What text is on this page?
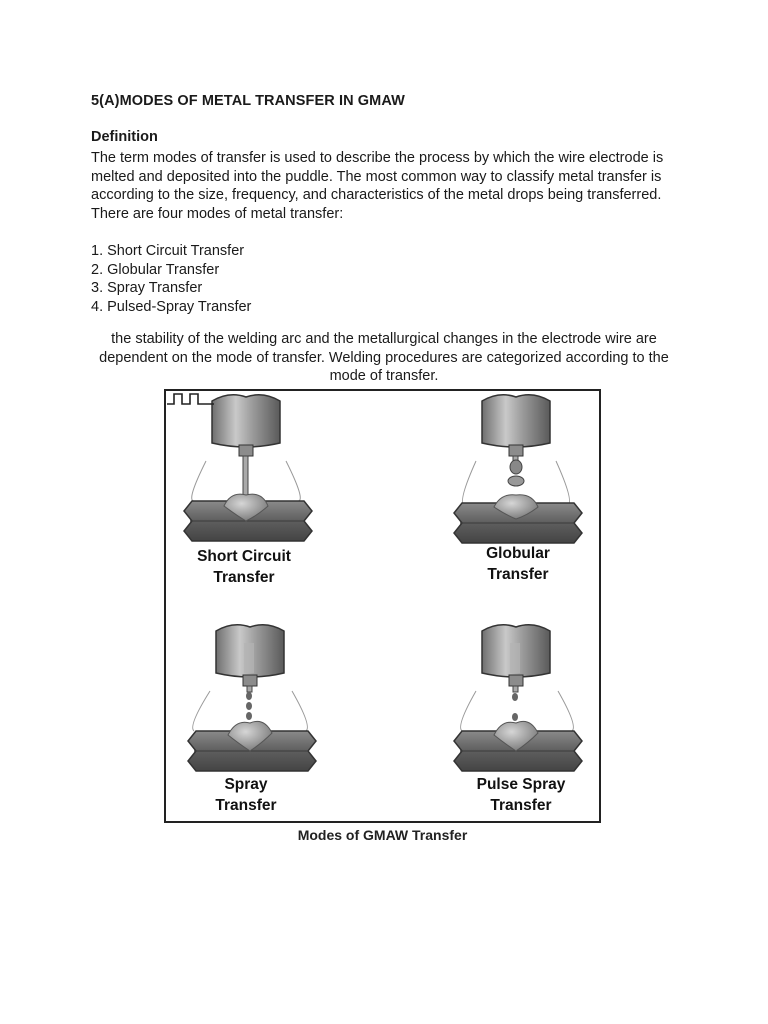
5(A)MODES OF METAL TRANSFER IN GMAW
Definition
The term modes of transfer is used to describe the process by which the wire electrode is melted and deposited into the puddle. The most common way to classify metal transfer is according to the size, frequency, and characteristics of the metal drops being transferred. There are four modes of metal transfer:
1. Short Circuit Transfer
2. Globular Transfer
3. Spray Transfer
4. Pulsed-Spray Transfer
the stability of the welding arc and the metallurgical changes in the electrode wire are dependent on the mode of transfer. Welding procedures are categorized according to the mode of transfer.
Short Circuit
Transfer
Globular
Transfer
Spray
Transfer
Pulse Spray
Transfer
Modes of GMAW Transfer
